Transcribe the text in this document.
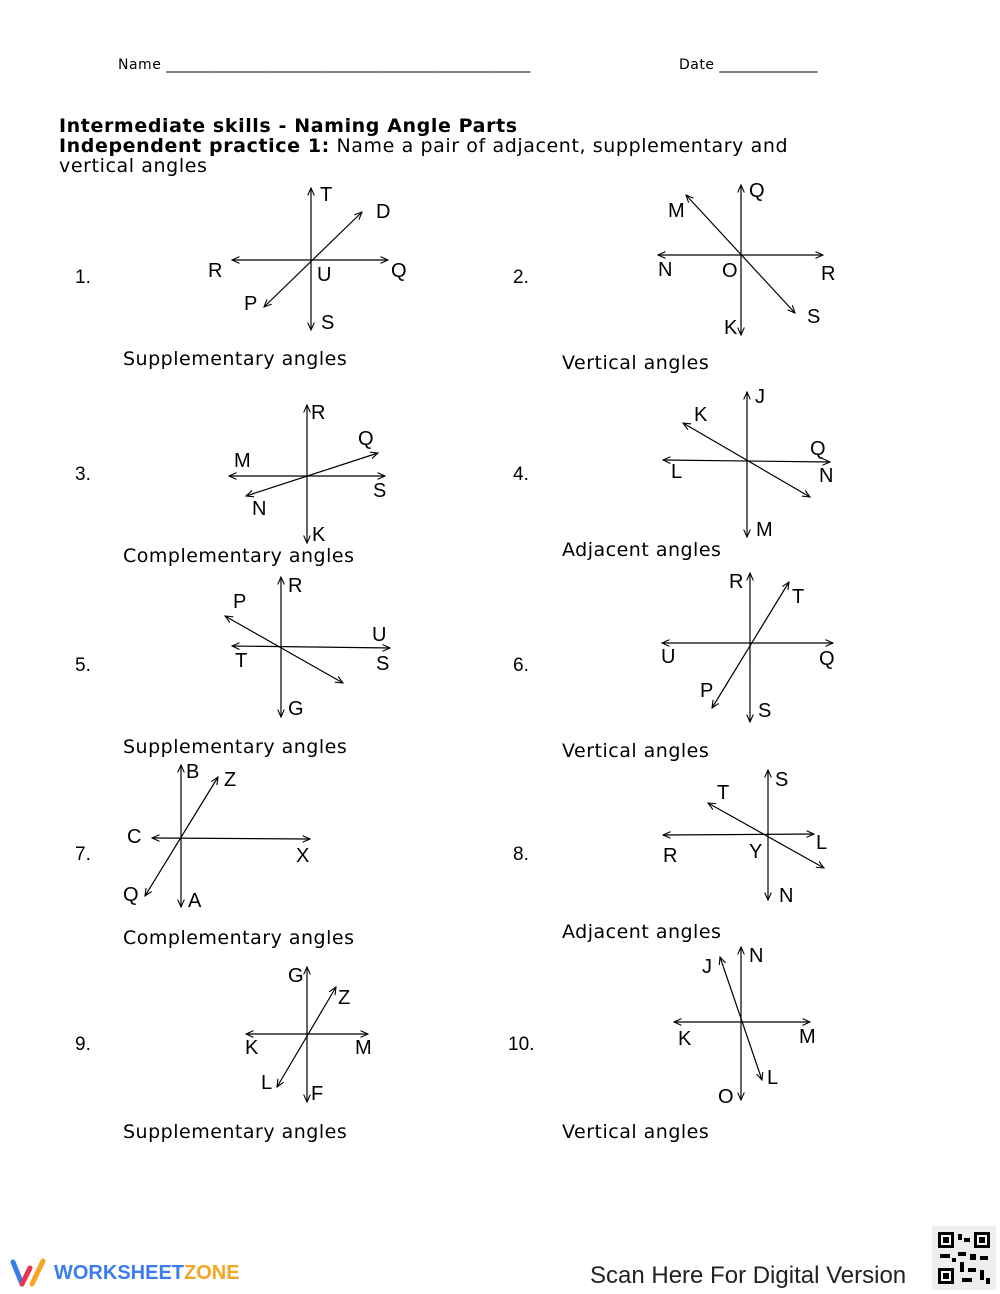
Name ____________________________________________________	Date ______________
Intermediate skills - Naming Angle Parts
Independent practice 1: Name a pair of adjacent, supplementary and
vertical angles
1.
Supplementary angles
2.
Vertical angles
3.
Complementary angles
4.
Adjacent angles
5.
Supplementary angles
6.
Vertical angles
7.
Complementary angles
8.
Adjacent angles
9.
Supplementary angles
10.
Vertical angles
T
D
R	U	Q
P
S
M
Q
N O	R
K	S
R
Q
M
S
N
K
J
K
Q
L	N
M
R
P
U
T	S
G
R
T
U	Q
P
S
B Z
C
X
Q A
S
T
R	Y	L
N
G
Z
K	M
L F
J N
K	M
L
O
WORKSHEET ZONE	Scan Here For Digital Version
